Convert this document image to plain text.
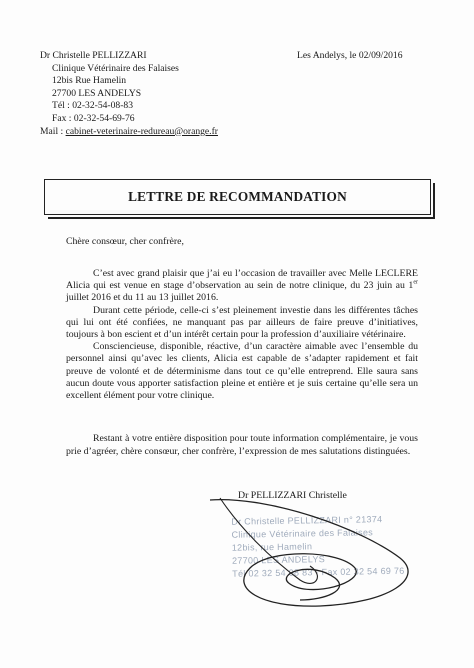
Dr Christelle PELLIZZARI
Clinique Vétérinaire des Falaises
12bis Rue Hamelin
27700 LES ANDELYS
Tél : 02-32-54-08-83
Fax : 02-32-54-69-76
Mail : cabinet-veterinaire-redureau@orange.fr
Les Andelys, le 02/09/2016
LETTRE DE RECOMMANDATION
Chère consœur, cher confrère,

C’est avec grand plaisir que j’ai eu l’occasion de travailler avec Melle LECLERE Alicia qui est venue en stage d’observation au sein de notre clinique, du 23 juin au 1er juillet 2016 et du 11 au 13 juillet 2016.

Durant cette période, celle-ci s’est pleinement investie dans les différentes tâches qui lui ont été confiées, ne manquant pas par ailleurs de faire preuve d’initiatives, toujours à bon escient et d’un intérêt certain pour la profession d’auxiliaire vétérinaire.

Consciencieuse, disponible, réactive, d’un caractère aimable avec l’ensemble du personnel ainsi qu’avec les clients, Alicia est capable de s’adapter rapidement et fait preuve de volonté et de déterminisme dans tout ce qu’elle entreprend. Elle saura sans aucun doute vous apporter satisfaction pleine et entière et je suis certaine qu’elle sera un excellent élément pour votre clinique.

Restant à votre entière disposition pour toute information complémentaire, je vous prie d’agréer, chère consœur, cher confrère, l’expression de mes salutations distinguées.

Dr PELLIZZARI Christelle
Dr Christelle PELLIZZARI n° 21374
Clinique Vétérinaire des Falaises
12bis, rue Hamelin
27700 LES ANDELYS
Tél 02 32 54 08 83 - Fax 02 32 54 69 76
